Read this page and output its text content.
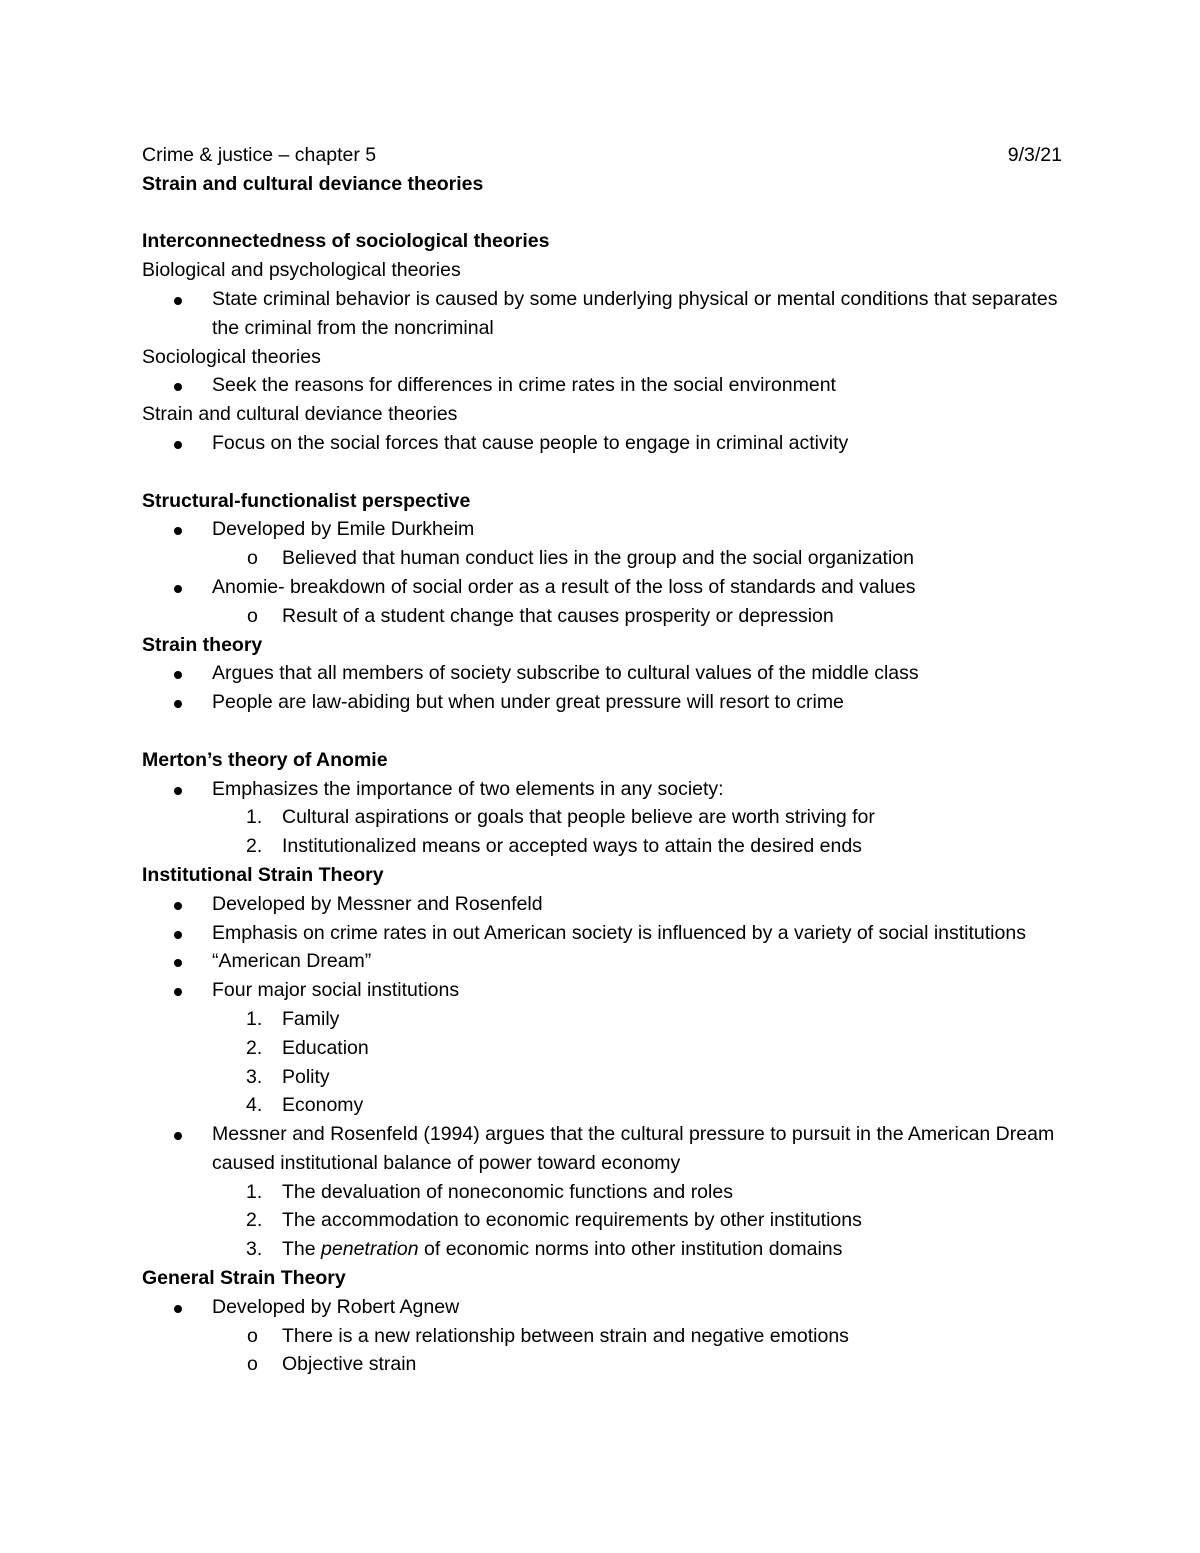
Crime & justice – chapter 5	9/3/21
Strain and cultural deviance theories
Interconnectedness of sociological theories
Biological and psychological theories
State criminal behavior is caused by some underlying physical or mental conditions that separates the criminal from the noncriminal
Sociological theories
Seek the reasons for differences in crime rates in the social environment
Strain and cultural deviance theories
Focus on the social forces that cause people to engage in criminal activity
Structural-functionalist perspective
Developed by Emile Durkheim
o Believed that human conduct lies in the group and the social organization
Anomie- breakdown of social order as a result of the loss of standards and values
o Result of a student change that causes prosperity or depression
Strain theory
Argues that all members of society subscribe to cultural values of the middle class
People are law-abiding but when under great pressure will resort to crime
Merton’s theory of Anomie
Emphasizes the importance of two elements in any society:
1. Cultural aspirations or goals that people believe are worth striving for
2. Institutionalized means or accepted ways to attain the desired ends
Institutional Strain Theory
Developed by Messner and Rosenfeld
Emphasis on crime rates in out American society is influenced by a variety of social institutions
“American Dream”
Four major social institutions
1. Family
2. Education
3. Polity
4. Economy
Messner and Rosenfeld (1994) argues that the cultural pressure to pursuit in the American Dream caused institutional balance of power toward economy
1. The devaluation of noneconomic functions and roles
2. The accommodation to economic requirements by other institutions
3. The penetration of economic norms into other institution domains
General Strain Theory
Developed by Robert Agnew
o There is a new relationship between strain and negative emotions
o Objective strain
